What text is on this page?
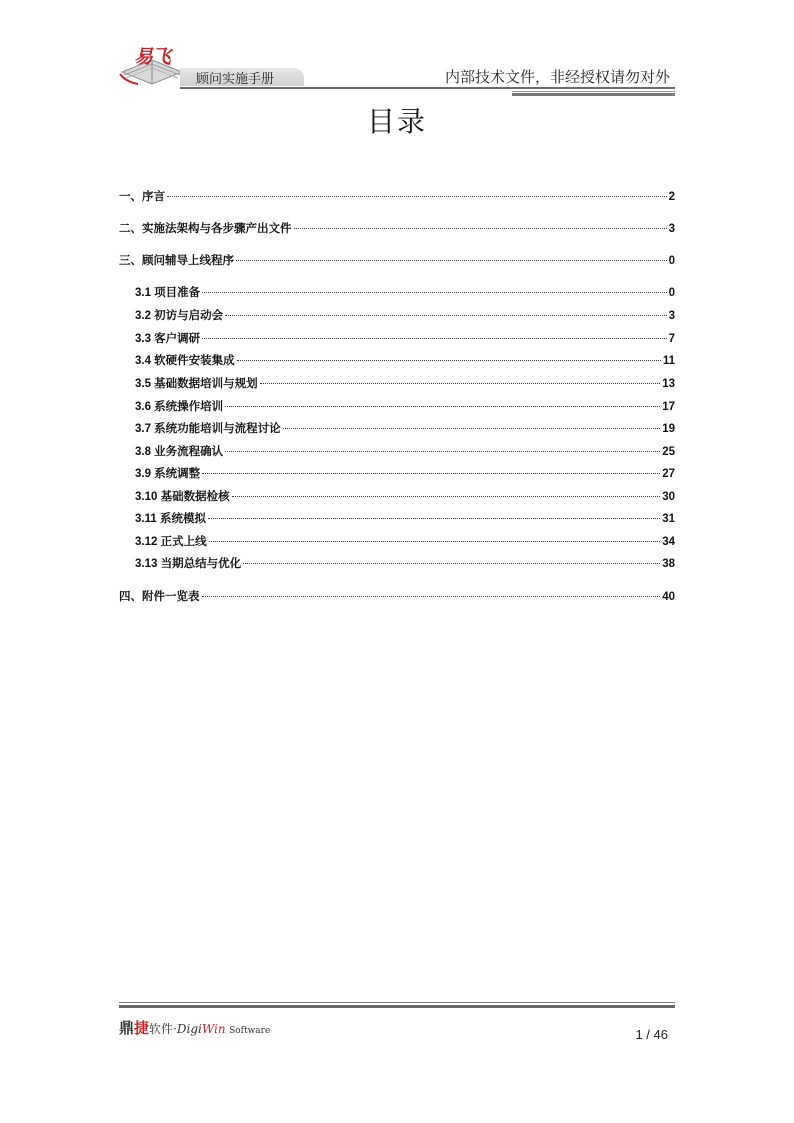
易飞
顾问实施手册	内部技术文件，非经授权请勿对外
目录
一、序言	2
二、实施法架构与各步骤产出文件	3
三、顾问辅导上线程序	0
3.1 项目准备	0
3.2 初访与启动会	3
3.3 客户调研	7
3.4 软硬件安装集成	11
3.5 基础数据培训与规划	13
3.6 系统操作培训	17
3.7 系统功能培训与流程讨论	19
3.8 业务流程确认	25
3.9 系统调整	27
3.10 基础数据检核	30
3.11 系统模拟	31
3.12 正式上线	34
3.13 当期总结与优化	38
四、附件一览表	40
鼎捷软件·DigiWin Software	1 / 46
